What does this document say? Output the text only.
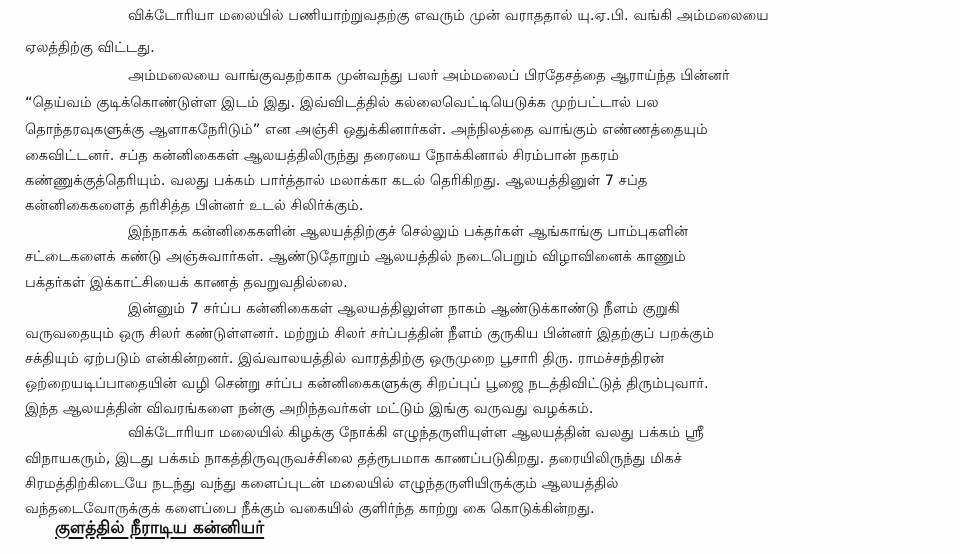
விக்டோரியா மலையில் பணியாற்றுவதற்கு எவரும் முன் வராததால் யு.ஏ.பி. வங்கி அம்மலையை
ஏலத்திற்கு விட்டது.
அம்மலையை வாங்குவதற்காக முன்வந்து பலர் அம்மலைப் பிரதேசத்தை ஆராய்ந்த பின்னர்
“தெய்வம் குடிக்கொண்டுள்ள இடம் இது. இவ்விடத்தில் கல்லைவெட்டியெடுக்க முற்பட்டால் பல
தொந்தரவுகளுக்கு ஆளாகநேரிடும்” என அஞ்சி ஒதுக்கினார்கள். அந்நிலத்தை வாங்கும் எண்ணத்தையும்
கைவிட்டனர். சப்த கன்னிகைகள் ஆலயத்திலிருந்து தரையை நோக்கினால் சிரம்பான் நகரம்
கண்ணுக்குத்தெரியும். வலது பக்கம் பார்த்தால் மலாக்கா கடல் தெரிகிறது. ஆலயத்தினுள் 7 சப்த
கன்னிகைகளைத் தரிசித்த பின்னர் உடல் சிலிர்க்கும்.
இந்நாகக் கன்னிகைகளின் ஆலயத்திற்குச் செல்லும் பக்தர்கள் ஆங்காங்கு பாம்புகளின்
சட்டைகளைக் கண்டு அஞ்சுவார்கள். ஆண்டுதோறும் ஆலயத்தில் நடைபெறும் விழாவினைக் காணும்
பக்தர்கள் இக்காட்சியைக் காணத் தவறுவதில்லை.
இன்னும் 7 சர்ப்ப கன்னிகைகள் ஆலயத்திலுள்ள நாகம் ஆண்டுக்காண்டு நீளம் குறுகி
வருவதையும் ஒரு சிலர் கண்டுள்ளனர். மற்றும் சிலர் சர்ப்பத்தின் நீளம் குருகிய பின்னர் இதற்குப் பறக்கும்
சக்தியும் ஏற்படும் என்கின்றனர். இவ்வாலயத்தில் வாரத்திற்கு ஒருமுறை பூசாரி திரு. ராமச்சந்திரன்
ஒற்றையடிப்பாதையின் வழி சென்று சர்ப்ப கன்னிகைகளுக்கு சிறப்புப் பூஜை நடத்திவிட்டுத் திரும்புவார்.
இந்த ஆலயத்தின் விவரங்களை நன்கு அறிந்தவர்கள் மட்டும் இங்கு வருவது வழக்கம்.
விக்டோரியா மலையில் கிழக்கு நோக்கி எழுந்தருளியுள்ள ஆலயத்தின் வலது பக்கம் ஸ்ரீ
விநாயகரும், இடது பக்கம் நாகத்திருவுருவச்சிலை தத்ரூபமாக காணப்படுகிறது. தரையிலிருந்து மிகச்
சிரமத்திற்கிடையே நடந்து வந்து களைப்புடன் மலையில் எழுந்தருளியிருக்கும் ஆலயத்தில்
வந்தடைவோருக்குக் களைப்பை நீக்கும் வகையில் குளிர்ந்த காற்று கை கொடுக்கின்றது.
குளத்தில் நீராடிய கன்னியர்
